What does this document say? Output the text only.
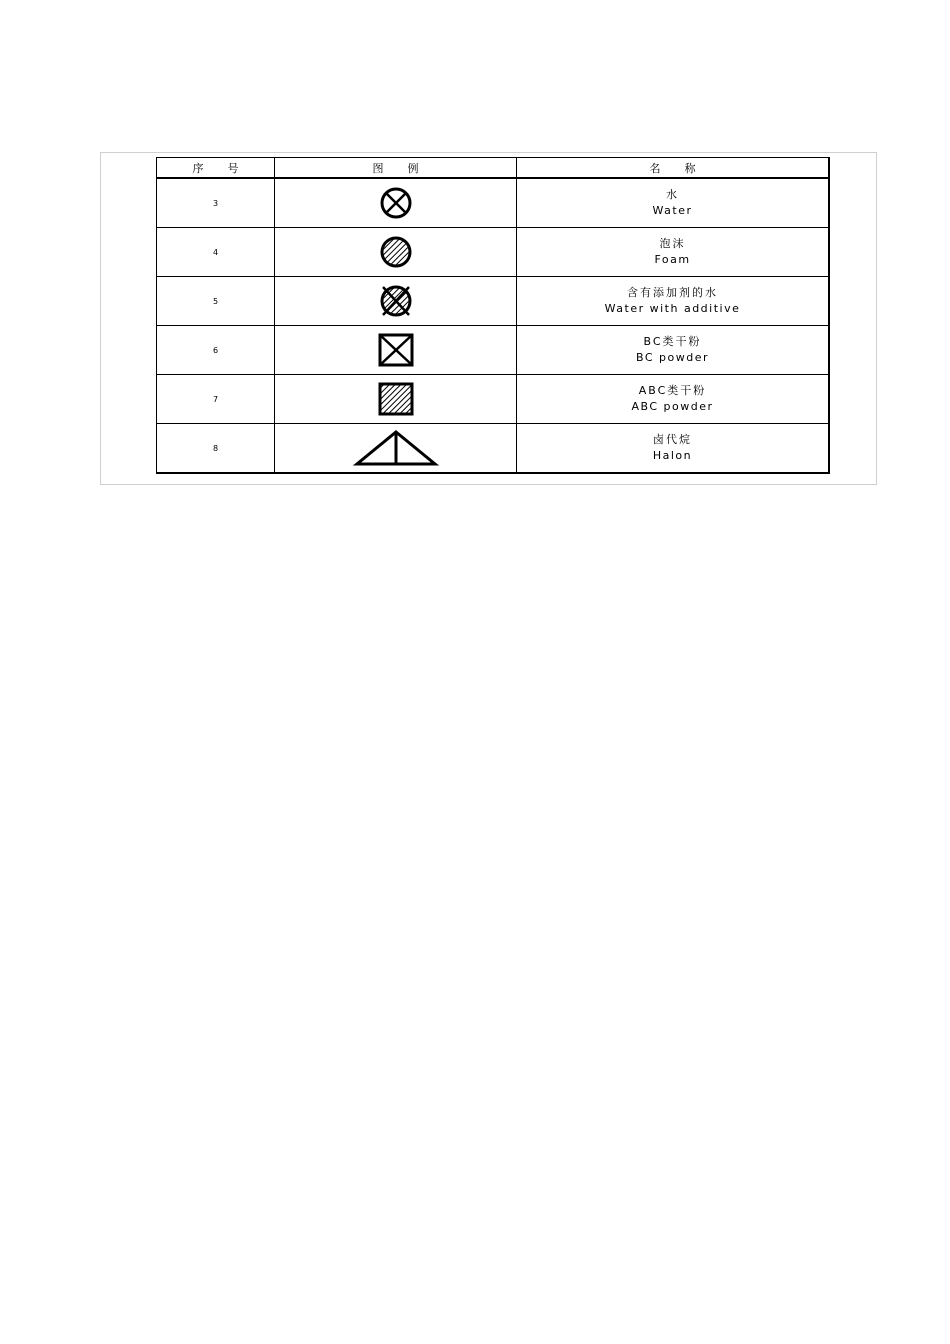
序号	图例	名称
3		水
Water

4		泡沫
Foam

5		含有添加剂的水
Water with additive

6		BC类干粉
BC powder

7		ABC类干粉
ABC powder

8		卤代烷
Halon
